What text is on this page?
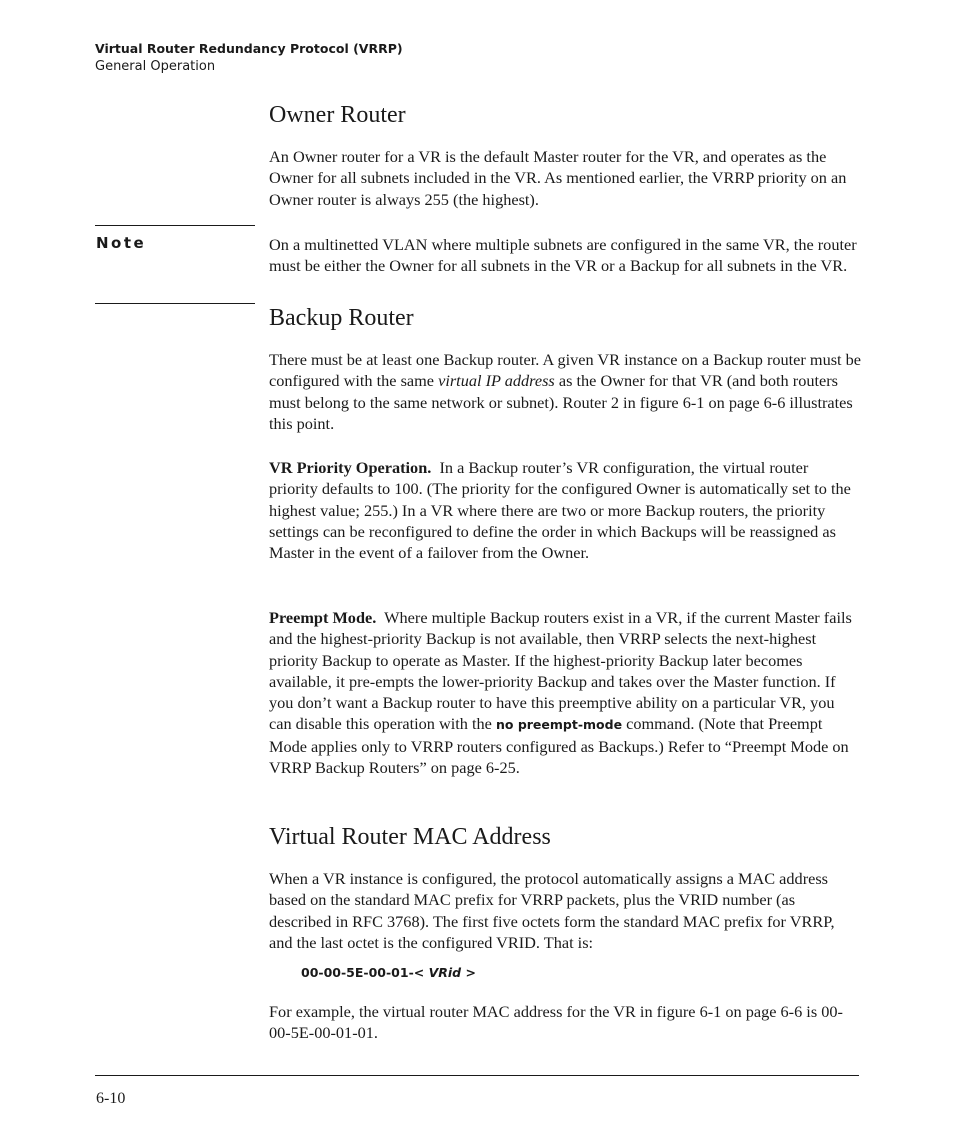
Virtual Router Redundancy Protocol (VRRP)
General Operation
Owner Router

An Owner router for a VR is the default Master router for the VR, and operates as the Owner for all subnets included in the VR. As mentioned earlier, the VRRP priority on an Owner router is always 255 (the highest).

Note	On a multinetted VLAN where multiple subnets are configured in the same VR, the router must be either the Owner for all subnets in the VR or a Backup for all subnets in the VR.

Backup Router

There must be at least one Backup router. A given VR instance on a Backup router must be configured with the same virtual IP address as the Owner for that VR (and both routers must belong to the same network or subnet). Router 2 in figure 6-1 on page 6-6 illustrates this point.

VR Priority Operation. In a Backup router’s VR configuration, the virtual router priority defaults to 100. (The priority for the configured Owner is automatically set to the highest value; 255.) In a VR where there are two or more Backup routers, the priority settings can be reconfigured to define the order in which Backups will be reassigned as Master in the event of a failover from the Owner.

Preempt Mode. Where multiple Backup routers exist in a VR, if the current Master fails and the highest-priority Backup is not available, then VRRP selects the next-highest priority Backup to operate as Master. If the highest-priority Backup later becomes available, it pre-empts the lower-priority Backup and takes over the Master function. If you don’t want a Backup router to have this preemptive ability on a particular VR, you can disable this operation with the no preempt-mode command. (Note that Preempt Mode applies only to VRRP routers configured as Backups.) Refer to “Preempt Mode on VRRP Backup Routers” on page 6-25.

Virtual Router MAC Address

When a VR instance is configured, the protocol automatically assigns a MAC address based on the standard MAC prefix for VRRP packets, plus the VRID number (as described in RFC 3768). The first five octets form the standard MAC prefix for VRRP, and the last octet is the configured VRID. That is:

00-00-5E-00-01-< VRid >

For example, the virtual router MAC address for the VR in figure 6-1 on page 6-6 is 00-00-5E-00-01-01.

6-10
